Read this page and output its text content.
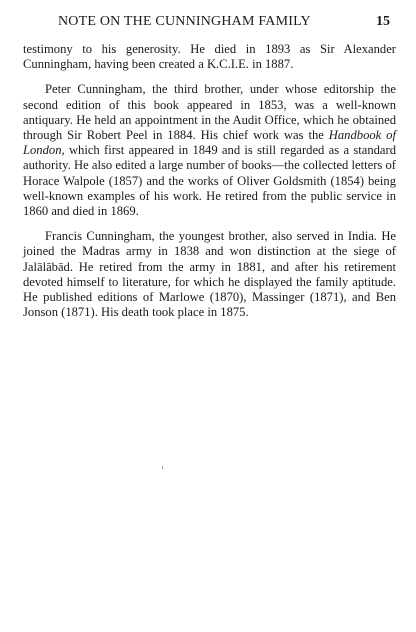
NOTE ON THE CUNNINGHAM FAMILY	15

testimony to his generosity. He died in 1893 as Sir Alexander Cunningham, having been created a K.C.I.E. in 1887.

Peter Cunningham, the third brother, under whose editorship the second edition of this book appeared in 1853, was a well-known antiquary. He held an appointment in the Audit Office, which he obtained through Sir Robert Peel in 1884. His chief work was the Handbook of London, which first appeared in 1849 and is still regarded as a standard authority. He also edited a large number of books—the collected letters of Horace Walpole (1857) and the works of Oliver Goldsmith (1854) being well-known examples of his work. He retired from the public service in 1860 and died in 1869.

Francis Cunningham, the youngest brother, also served in India. He joined the Madras army in 1838 and won distinction at the siege of Jalālābād. He retired from the army in 1881, and after his retirement devoted himself to literature, for which he displayed the family aptitude. He published editions of Marlowe (1870), Massinger (1871), and Ben Jonson (1871). His death took place in 1875.
